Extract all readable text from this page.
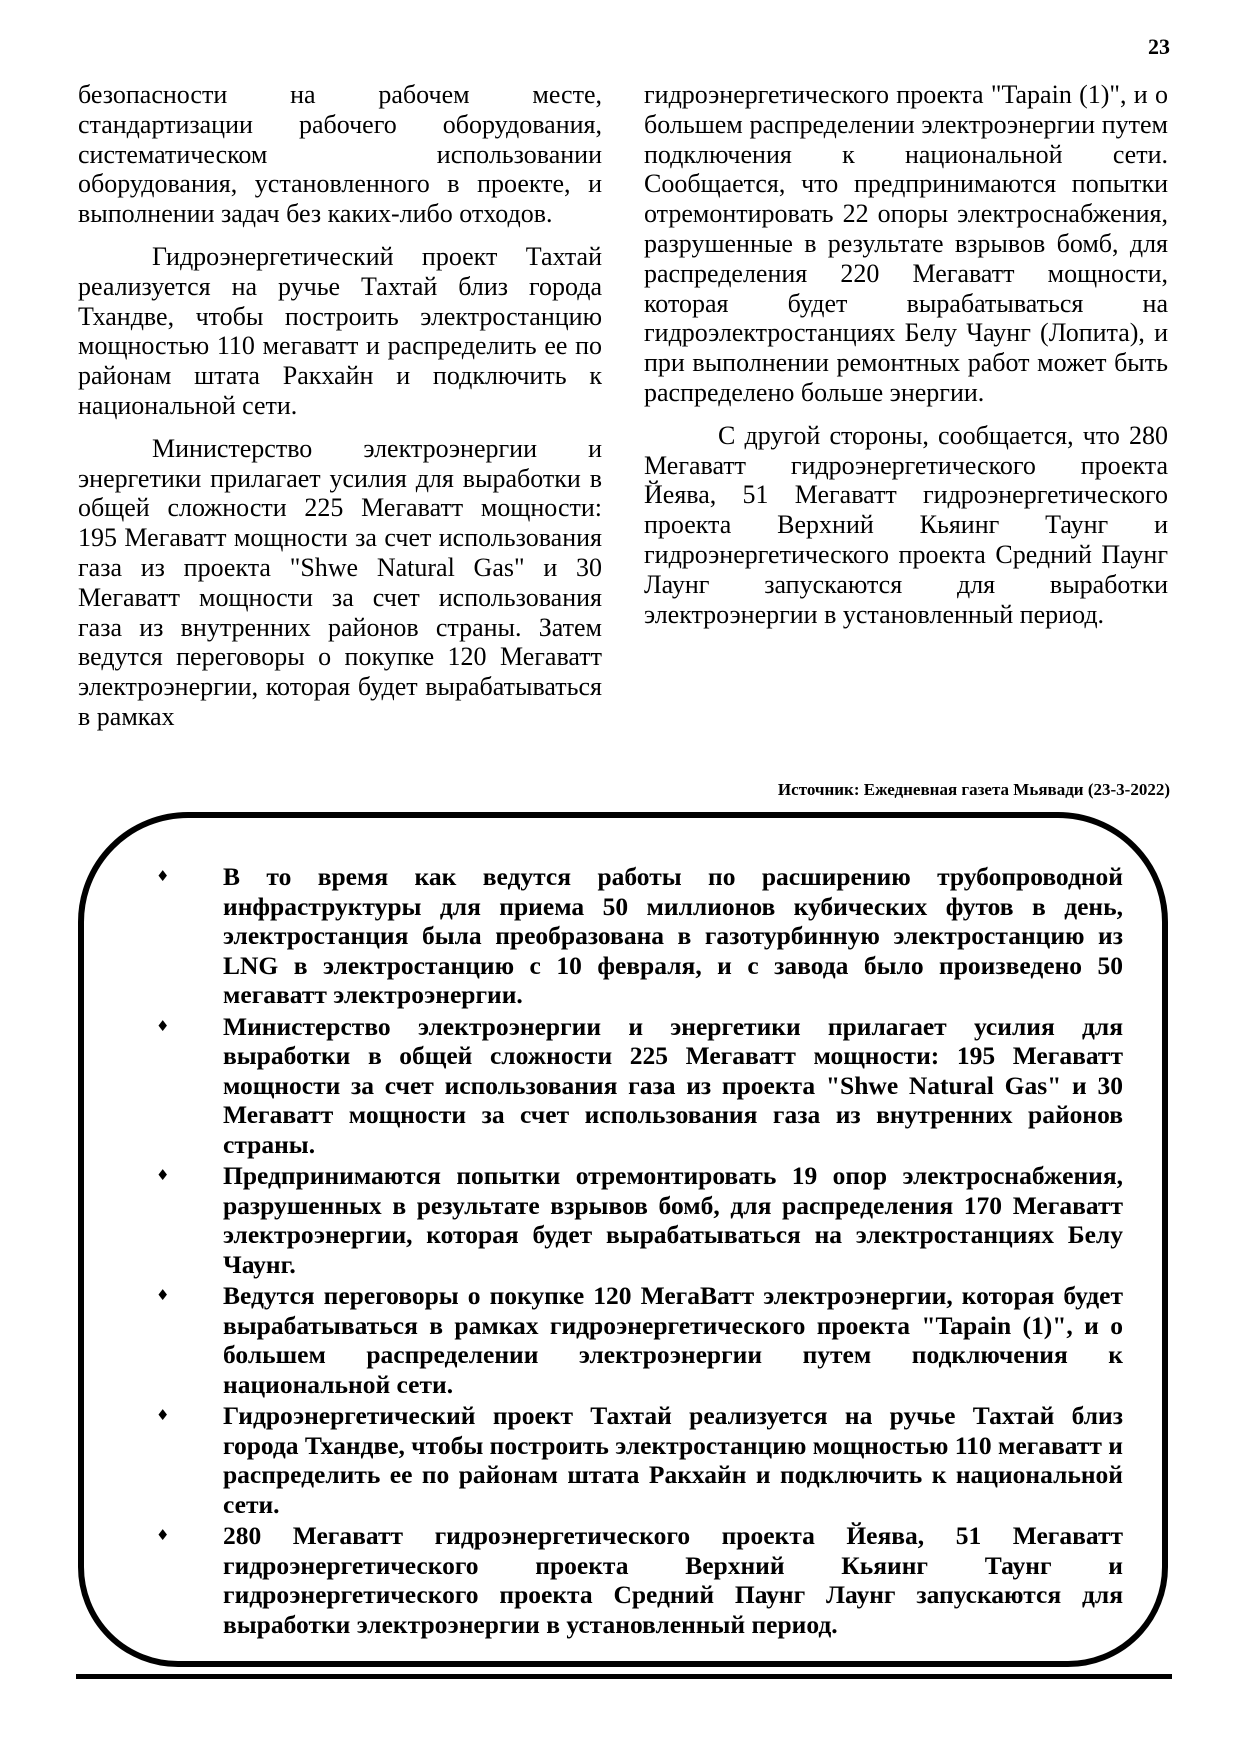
23

безопасности на рабочем месте, стандартизации рабочего оборудования, систематическом использовании оборудования, установленного в проекте, и выполнении задач без каких-либо отходов.

Гидроэнергетический проект Тахтай реализуется на ручье Тахтай близ города Тхандве, чтобы построить электростанцию мощностью 110 мегаватт и распределить ее по районам штата Ракхайн и подключить к национальной сети.

Министерство электроэнергии и энергетики прилагает усилия для выработки в общей сложности 225 Мегаватт мощности: 195 Мегаватт мощности за счет использования газа из проекта "Shwe Natural Gas" и 30 Мегаватт мощности за счет использования газа из внутренних районов страны. Затем ведутся переговоры о покупке 120 Мегаватт электроэнергии, которая будет вырабатываться в рамках

гидроэнергетического проекта "Tapain (1)", и о большем распределении электроэнергии путем подключения к национальной сети. Сообщается, что предпринимаются попытки отремонтировать 22 опоры электроснабжения, разрушенные в результате взрывов бомб, для распределения 220 Мегаватт мощности, которая будет вырабатываться на гидроэлектростанциях Белу Чаунг (Лопита), и при выполнении ремонтных работ может быть распределено больше энергии.

С другой стороны, сообщается, что 280 Мегаватт гидроэнергетического проекта Йеява, 51 Мегаватт гидроэнергетического проекта Верхний Кьяинг Таунг и гидроэнергетического проекта Средний Паунг Лаунг запускаются для выработки электроэнергии в установленный период.

Источник: Ежедневная газета Мьявади (23-3-2022)
♦ В то время как ведутся работы по расширению трубопроводной инфраструктуры для приема 50 миллионов кубических футов в день, электростанция была преобразована в газотурбинную электростанцию из LNG в электростанцию с 10 февраля, и с завода было произведено 50 мегаватт электроэнергии.
♦ Министерство электроэнергии и энергетики прилагает усилия для выработки в общей сложности 225 Мегаватт мощности: 195 Мегаватт мощности за счет использования газа из проекта "Shwe Natural Gas" и 30 Мегаватт мощности за счет использования газа из внутренних районов страны.
♦ Предпринимаются попытки отремонтировать 19 опор электроснабжения, разрушенных в результате взрывов бомб, для распределения 170 Мегаватт электроэнергии, которая будет вырабатываться на электростанциях Белу Чаунг.
♦ Ведутся переговоры о покупке 120 МегаВатт электроэнергии, которая будет вырабатываться в рамках гидроэнергетического проекта "Tapain (1)", и о большем распределении электроэнергии путем подключения к национальной сети.
♦ Гидроэнергетический проект Тахтай реализуется на ручье Тахтай близ города Тхандве, чтобы построить электростанцию мощностью 110 мегаватт и распределить ее по районам штата Ракхайн и подключить к национальной сети.
♦ 280 Мегаватт гидроэнергетического проекта Йеява, 51 Мегаватт гидроэнергетического проекта Верхний Кьяинг Таунг и гидроэнергетического проекта Средний Паунг Лаунг запускаются для выработки электроэнергии в установленный период.
